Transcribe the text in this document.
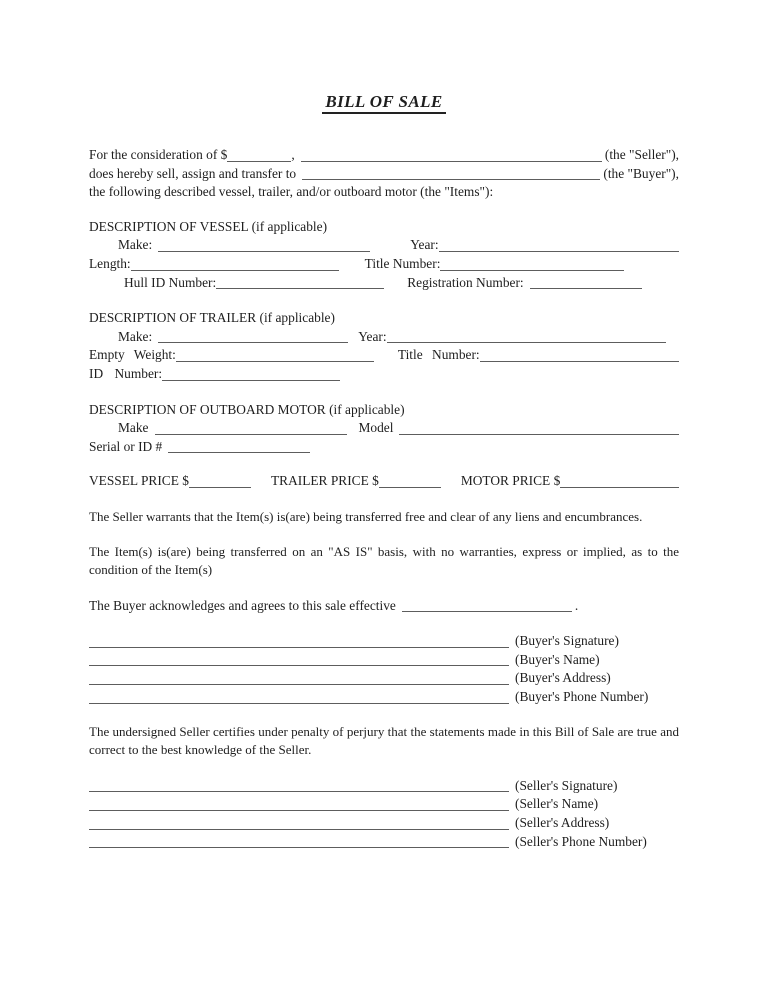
BILL OF SALE
For the consideration of $	,	(the "Seller"),
does hereby sell, assign and transfer to	(the "Buyer"),
the following described vessel, trailer, and/or outboard motor (the "Items"):
DESCRIPTION OF VESSEL (if applicable)
Make:	Year:
Length:	Title Number:
Hull ID Number:	Registration Number:
DESCRIPTION OF TRAILER (if applicable)
Make:	Year:
Empty Weight:	Title Number:
ID Number:
DESCRIPTION OF OUTBOARD MOTOR (if applicable)
Make	Model
Serial or ID #
VESSEL PRICE $	TRAILER PRICE $	MOTOR PRICE $
The Seller warrants that the Item(s) is(are) being transferred free and clear of any liens and encumbrances.
The Item(s) is(are) being transferred on an "AS IS" basis, with no warranties, express or implied, as to the condition of the Item(s)
The Buyer acknowledges and agrees to this sale effective	.
(Buyer's Signature)
(Buyer's Name)
(Buyer's Address)
(Buyer's Phone Number)
The undersigned Seller certifies under penalty of perjury that the statements made in this Bill of Sale are true and correct to the best knowledge of the Seller.
(Seller's Signature)
(Seller's Name)
(Seller's Address)
(Seller's Phone Number)
